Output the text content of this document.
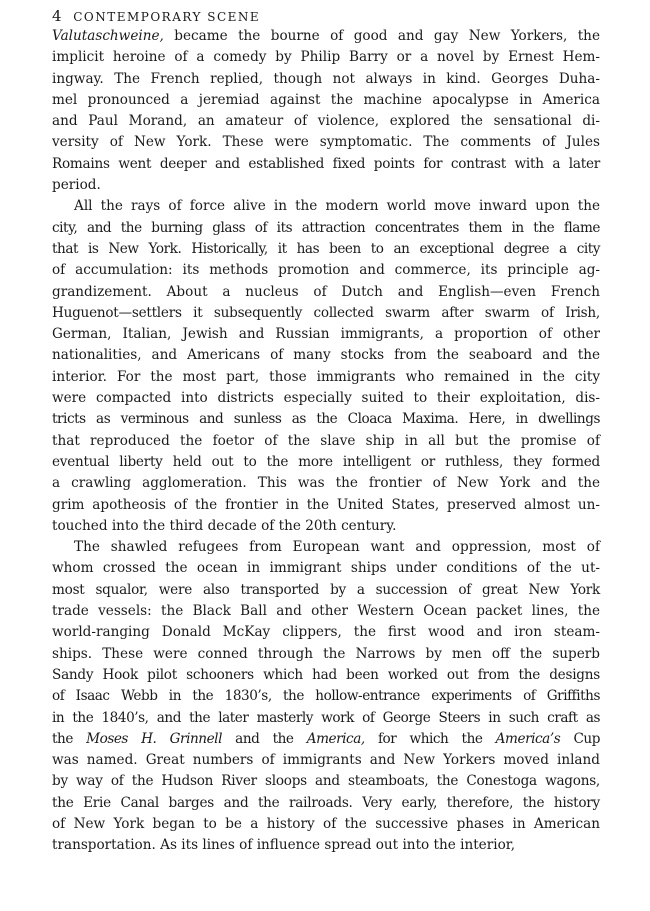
4 CONTEMPORARY SCENE

Valutaschweine, became the bourne of good and gay New Yorkers, the
implicit heroine of a comedy by Philip Barry or a novel by Ernest Hem-
ingway. The French replied, though not always in kind. Georges Duha-
mel pronounced a jeremiad against the machine apocalypse in America
and Paul Morand, an amateur of violence, explored the sensational di-
versity of New York. These were symptomatic. The comments of Jules
Romains went deeper and established fixed points for contrast with a later
period.

All the rays of force alive in the modern world move inward upon the
city, and the burning glass of its attraction concentrates them in the flame
that is New York. Historically, it has been to an exceptional degree a city
of accumulation: its methods promotion and commerce, its principle ag-
grandizement. About a nucleus of Dutch and English—even French
Huguenot—settlers it subsequently collected swarm after swarm of Irish,
German, Italian, Jewish and Russian immigrants, a proportion of other
nationalities, and Americans of many stocks from the seaboard and the
interior. For the most part, those immigrants who remained in the city
were compacted into districts especially suited to their exploitation, dis-
tricts as verminous and sunless as the Cloaca Maxima. Here, in dwellings
that reproduced the foetor of the slave ship in all but the promise of
eventual liberty held out to the more intelligent or ruthless, they formed
a crawling agglomeration. This was the frontier of New York and the
grim apotheosis of the frontier in the United States, preserved almost un-
touched into the third decade of the 20th century.

The shawled refugees from European want and oppression, most of
whom crossed the ocean in immigrant ships under conditions of the ut-
most squalor, were also transported by a succession of great New York
trade vessels: the Black Ball and other Western Ocean packet lines, the
world-ranging Donald McKay clippers, the first wood and iron steam-
ships. These were conned through the Narrows by men off the superb
Sandy Hook pilot schooners which had been worked out from the designs
of Isaac Webb in the 1830’s, the hollow-entrance experiments of Griffiths
in the 1840’s, and the later masterly work of George Steers in such craft as
the Moses H. Grinnell and the America, for which the America’s Cup
was named. Great numbers of immigrants and New Yorkers moved inland
by way of the Hudson River sloops and steamboats, the Conestoga wagons,
the Erie Canal barges and the railroads. Very early, therefore, the history
of New York began to be a history of the successive phases in American
transportation. As its lines of influence spread out into the interior,
